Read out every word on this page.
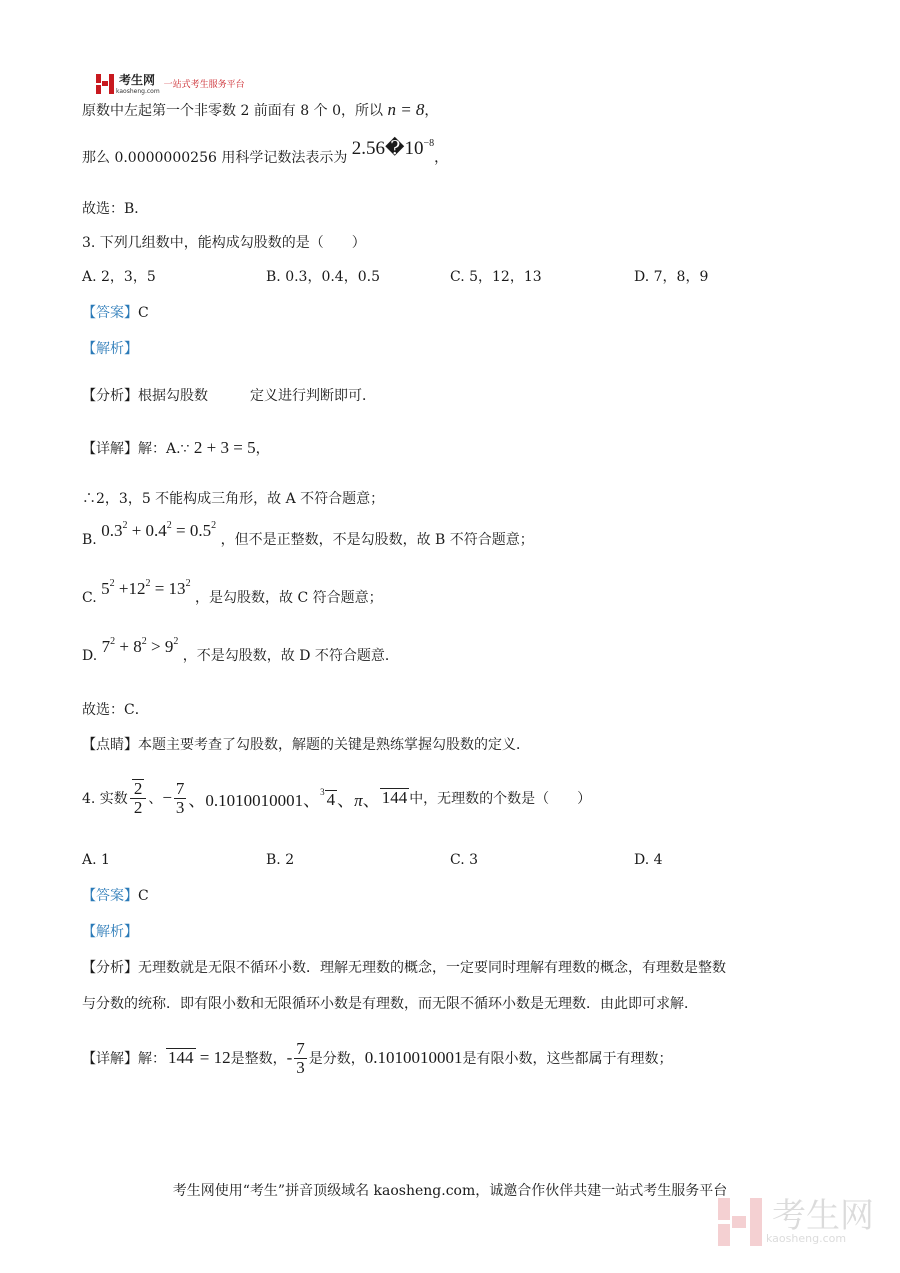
考生网
kaosheng.com
一站式考生服务平台
原数中左起第一个非零数 2 前面有 8 个 0，所以 n = 8，
那么 0.0000000256 用科学记数法表示为 $2.56�10^{-8}$，
故选：B．
3. 下列几组数中，能构成勾股数的是（　　）
A. 2，3，5	B. 0.3，0.4，0.5	C. 5，12，13	D. 7，8，9
【答案】C
【解析】
【分析】根据勾股数　　　定义进行判断即可．
【详解】解：A.∵ 2 + 3 = 5，
∴2，3，5 不能构成三角形，故 A 不符合题意；
B. $0.3^2 + 0.4^2 = 0.5^2$ ，但不是正整数，不是勾股数，故 B 不符合题意；
C. $5^2 +12^2 = 13^2$ ，是勾股数，故 C 符合题意；
D. $7^2 + 8^2 > 9^2$ ，不是勾股数，故 D 不符合题意．
故选：C．
【点睛】本题主要考查了勾股数，解题的关键是熟练掌握勾股数的定义．
4. 实数 $\frac{2}{2}$ 、 − $\frac{7}{3}$ 、0.1010010001、 $^3$ 4 、π、 144 中，无理数的个数是（　　）
A. 1	B. 2	C. 3	D. 4
【答案】C
【解析】
【分析】无理数就是无限不循环小数．理解无理数的概念，一定要同时理解有理数的概念，有理数是整数
与分数的统称．即有限小数和无限循环小数是有理数，而无限不循环小数是无理数．由此即可求解．
【详解】解： 144 = 12 是整数， - $\frac{7}{3}$ 是分数， 0.1010010001 是有限小数，这些都属于有理数；
考生网使用“考生”拼音顶级域名 kaosheng.com，诚邀合作伙伴共建一站式考生服务平台
考生网
kaosheng.com
